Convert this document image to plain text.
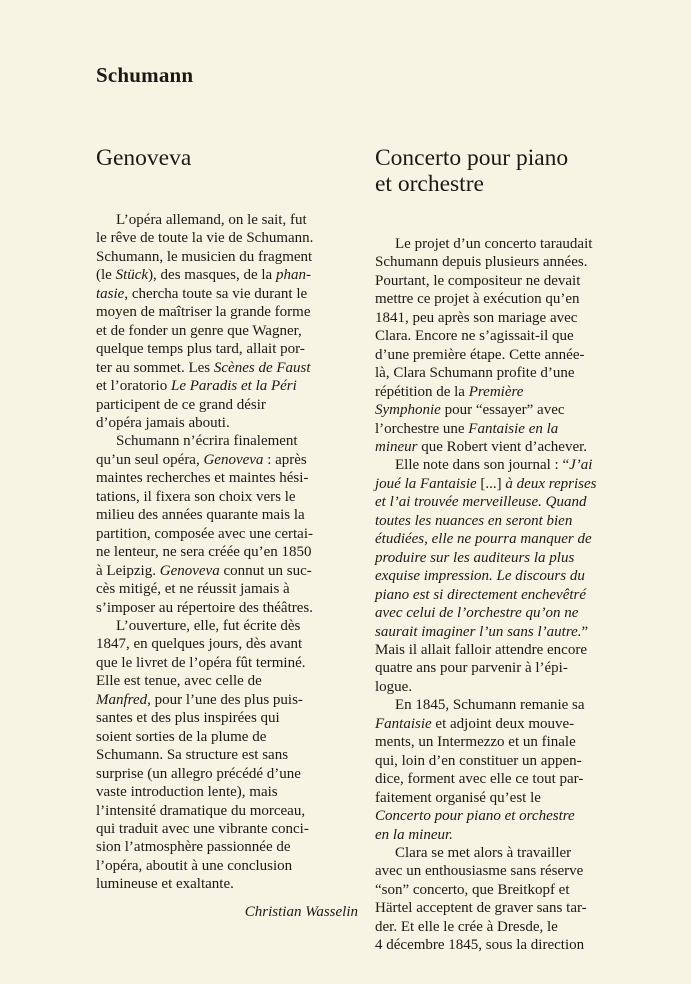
Schumann
Genoveva

L’opéra allemand, on le sait, fut
le rêve de toute la vie de Schumann.
Schumann, le musicien du fragment
(le Stück), des masques, de la phan-
tasie, chercha toute sa vie durant le
moyen de maîtriser la grande forme
et de fonder un genre que Wagner,
quelque temps plus tard, allait por-
ter au sommet. Les Scènes de Faust
et l’oratorio Le Paradis et la Péri
participent de ce grand désir
d’opéra jamais abouti.

Schumann n’écrira finalement
qu’un seul opéra, Genoveva : après
maintes recherches et maintes hési-
tations, il fixera son choix vers le
milieu des années quarante mais la
partition, composée avec une certai-
ne lenteur, ne sera créée qu’en 1850
à Leipzig. Genoveva connut un suc-
cès mitigé, et ne réussit jamais à
s’imposer au répertoire des théâtres.

L’ouverture, elle, fut écrite dès
1847, en quelques jours, dès avant
que le livret de l’opéra fût terminé.
Elle est tenue, avec celle de
Manfred, pour l’une des plus puis-
santes et des plus inspirées qui
soient sorties de la plume de
Schumann. Sa structure est sans
surprise (un allegro précédé d’une
vaste introduction lente), mais
l’intensité dramatique du morceau,
qui traduit avec une vibrante conci-
sion l’atmosphère passionnée de
l’opéra, aboutit à une conclusion
lumineuse et exaltante.

Christian Wasselin
Concerto pour piano
et orchestre

Le projet d’un concerto taraudait
Schumann depuis plusieurs années.
Pourtant, le compositeur ne devait
mettre ce projet à exécution qu’en
1841, peu après son mariage avec
Clara. Encore ne s’agissait-il que
d’une première étape. Cette année-
là, Clara Schumann profite d’une
répétition de la Première
Symphonie pour “essayer” avec
l’orchestre une Fantaisie en la
mineur que Robert vient d’achever.

Elle note dans son journal : “J’ai
joué la Fantaisie [...] à deux reprises
et l’ai trouvée merveilleuse. Quand
toutes les nuances en seront bien
étudiées, elle ne pourra manquer de
produire sur les auditeurs la plus
exquise impression. Le discours du
piano est si directement enchevêtré
avec celui de l’orchestre qu’on ne
saurait imaginer l’un sans l’autre.”
Mais il allait falloir attendre encore
quatre ans pour parvenir à l’épi-
logue.

En 1845, Schumann remanie sa
Fantaisie et adjoint deux mouve-
ments, un Intermezzo et un finale
qui, loin d’en constituer un appen-
dice, forment avec elle ce tout par-
faitement organisé qu’est le
Concerto pour piano et orchestre
en la mineur.

Clara se met alors à travailler
avec un enthousiasme sans réserve
“son” concerto, que Breitkopf et
Härtel acceptent de graver sans tar-
der. Et elle le crée à Dresde, le
4 décembre 1845, sous la direction
